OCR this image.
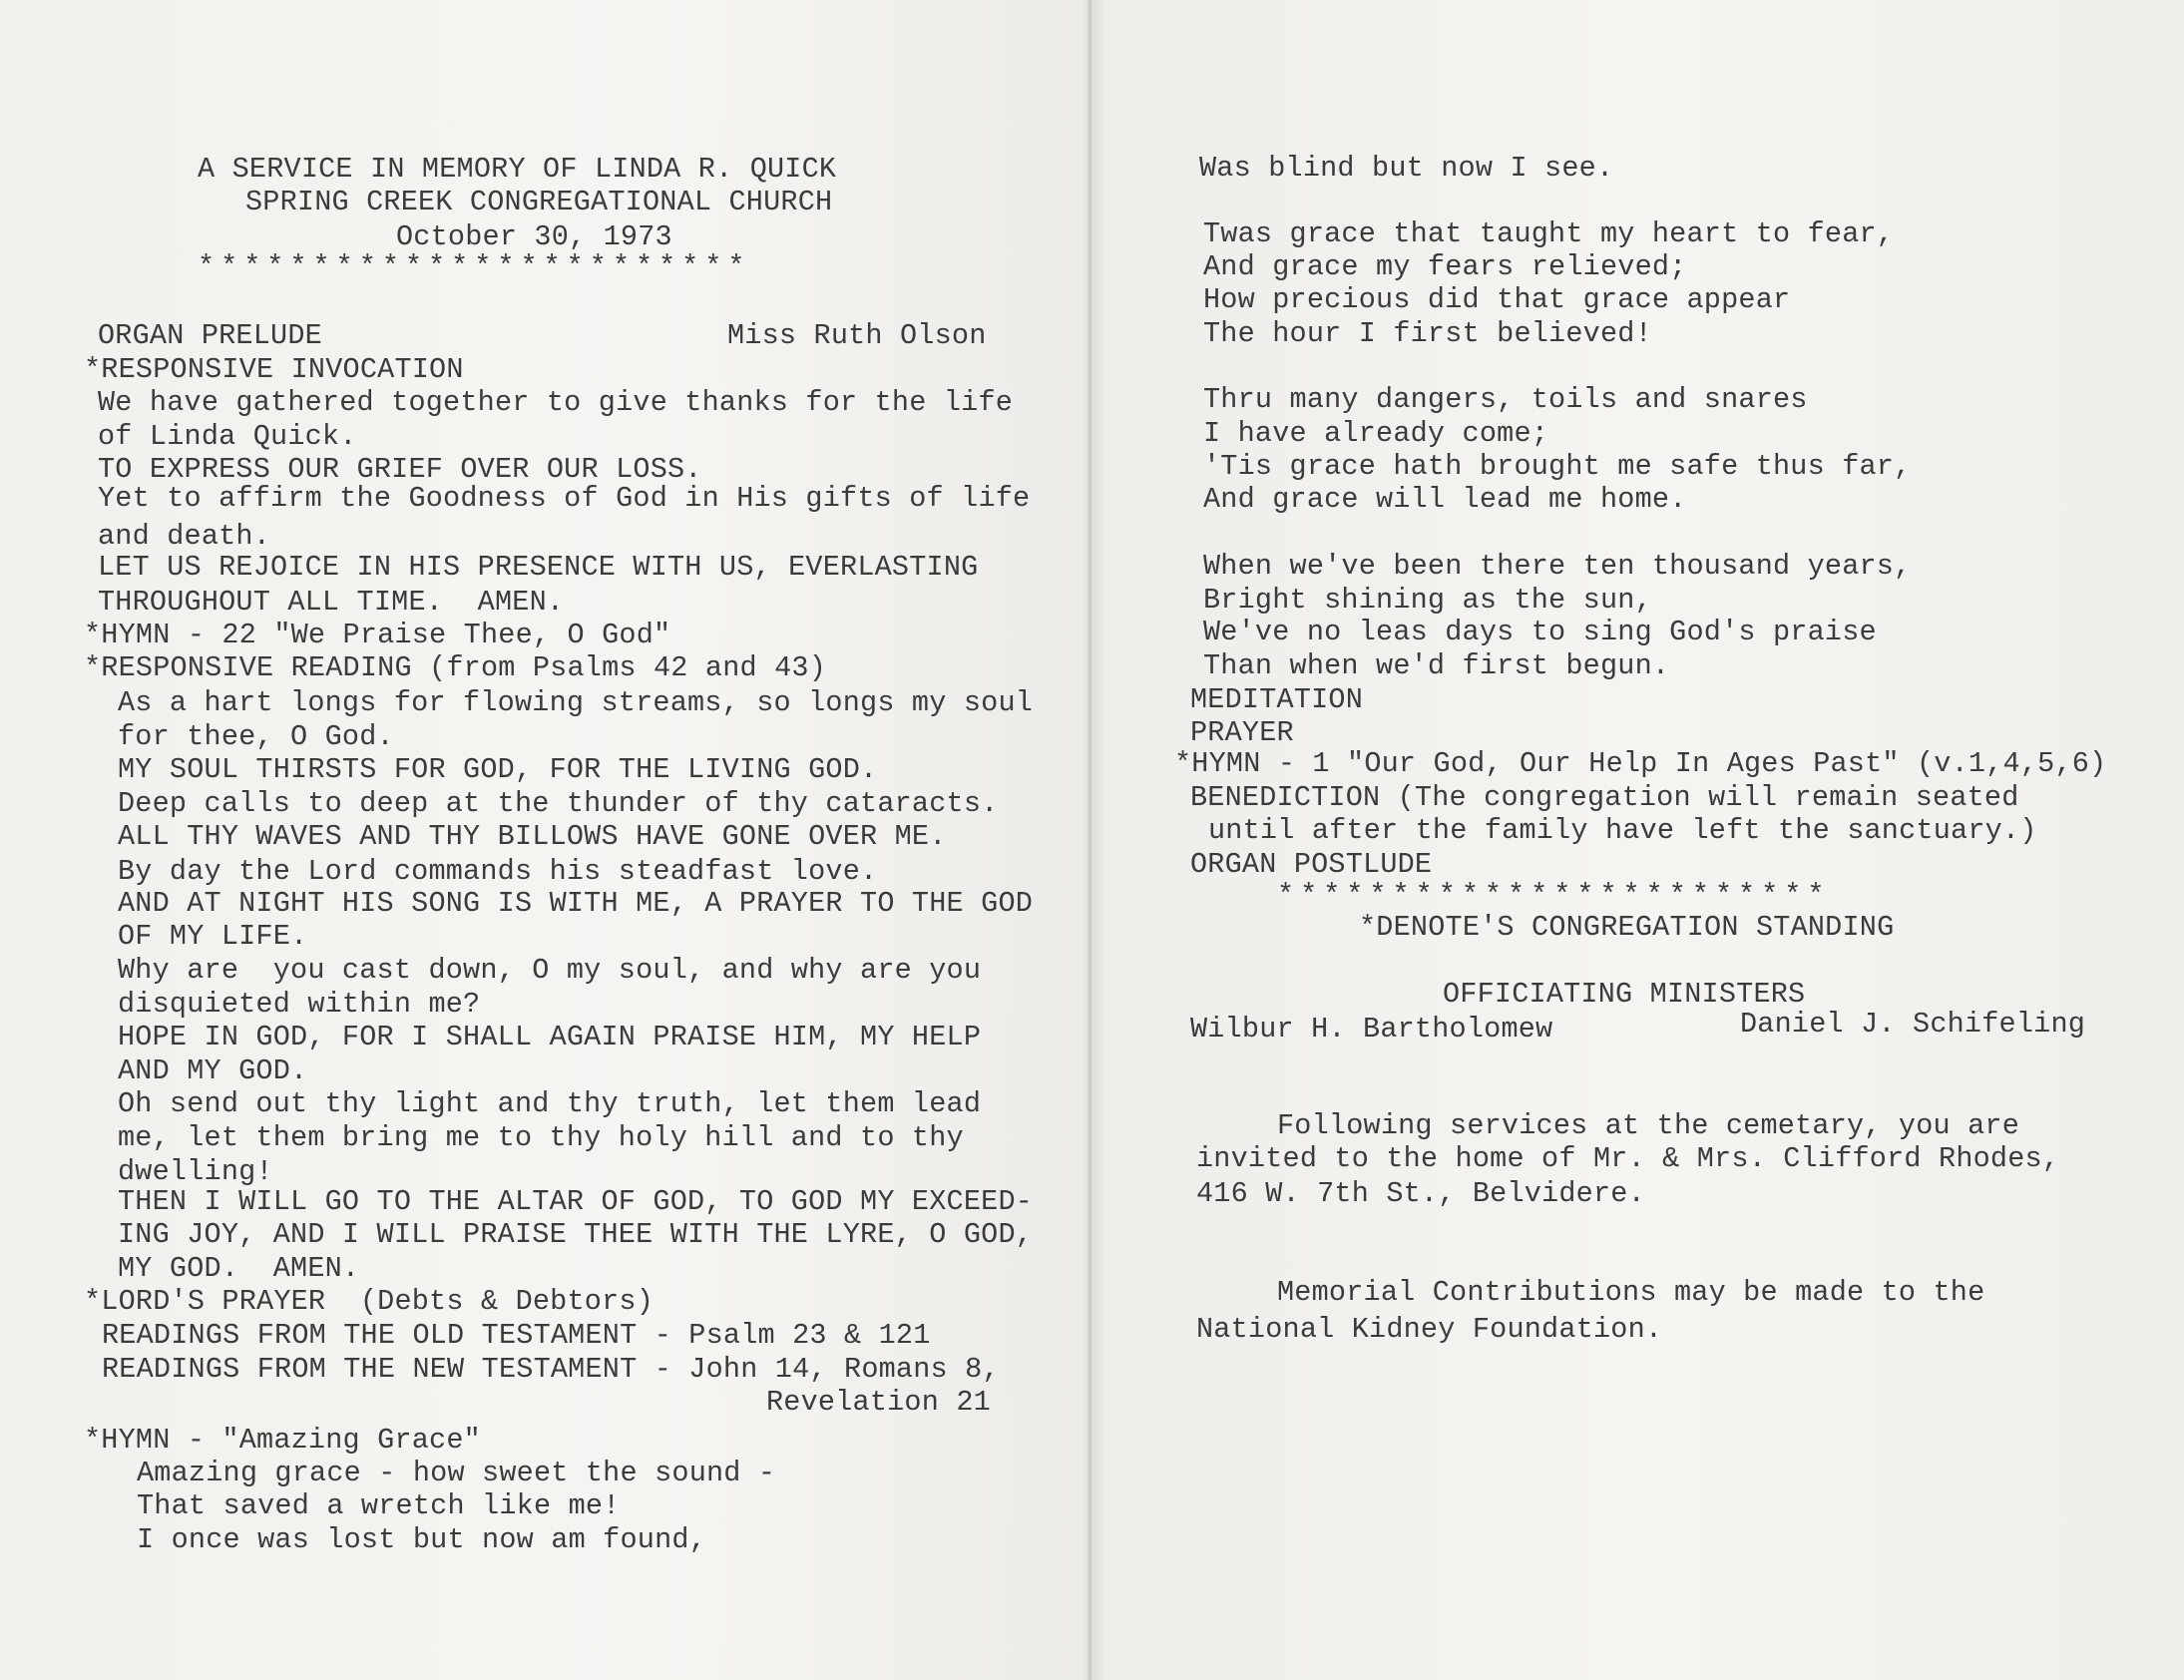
A SERVICE IN MEMORY OF LINDA R. QUICK
SPRING CREEK CONGREGATIONAL CHURCH
October 30, 1973
************************
ORGAN PRELUDE	Miss Ruth Olson
*RESPONSIVE INVOCATION
We have gathered together to give thanks for the life
of Linda Quick.
TO EXPRESS OUR GRIEF OVER OUR LOSS.
Yet to affirm the Goodness of God in His gifts of life
and death.
LET US REJOICE IN HIS PRESENCE WITH US, EVERLASTING
THROUGHOUT ALL TIME.  AMEN.
*HYMN - 22 "We Praise Thee, O God"
*RESPONSIVE READING (from Psalms 42 and 43)
As a hart longs for flowing streams, so longs my soul
for thee, O God.
MY SOUL THIRSTS FOR GOD, FOR THE LIVING GOD.
Deep calls to deep at the thunder of thy cataracts.
ALL THY WAVES AND THY BILLOWS HAVE GONE OVER ME.
By day the Lord commands his steadfast love.
AND AT NIGHT HIS SONG IS WITH ME, A PRAYER TO THE GOD
OF MY LIFE.
Why are  you cast down, O my soul, and why are you
disquieted within me?
HOPE IN GOD, FOR I SHALL AGAIN PRAISE HIM, MY HELP
AND MY GOD.
Oh send out thy light and thy truth, let them lead
me, let them bring me to thy holy hill and to thy
dwelling!
THEN I WILL GO TO THE ALTAR OF GOD, TO GOD MY EXCEED-
ING JOY, AND I WILL PRAISE THEE WITH THE LYRE, O GOD,
MY GOD.  AMEN.
*LORD'S PRAYER  (Debts & Debtors)
READINGS FROM THE OLD TESTAMENT - Psalm 23 & 121
READINGS FROM THE NEW TESTAMENT - John 14, Romans 8,
Revelation 21
*HYMN - "Amazing Grace"
Amazing grace - how sweet the sound -
That saved a wretch like me!
I once was lost but now am found,
Was blind but now I see.
Twas grace that taught my heart to fear,
And grace my fears relieved;
How precious did that grace appear
The hour I first believed!
Thru many dangers, toils and snares
I have already come;
'Tis grace hath brought me safe thus far,
And grace will lead me home.
When we've been there ten thousand years,
Bright shining as the sun,
We've no leas days to sing God's praise
Than when we'd first begun.
MEDITATION
PRAYER
*HYMN - 1 "Our God, Our Help In Ages Past" (v.1,4,5,6)
BENEDICTION (The congregation will remain seated
until after the family have left the sanctuary.)
ORGAN POSTLUDE
************************
*DENOTE'S CONGREGATION STANDING
OFFICIATING MINISTERS
Wilbur H. Bartholomew	Daniel J. Schifeling
Following services at the cemetary, you are
invited to the home of Mr. & Mrs. Clifford Rhodes,
416 W. 7th St., Belvidere.
Memorial Contributions may be made to the
National Kidney Foundation.
